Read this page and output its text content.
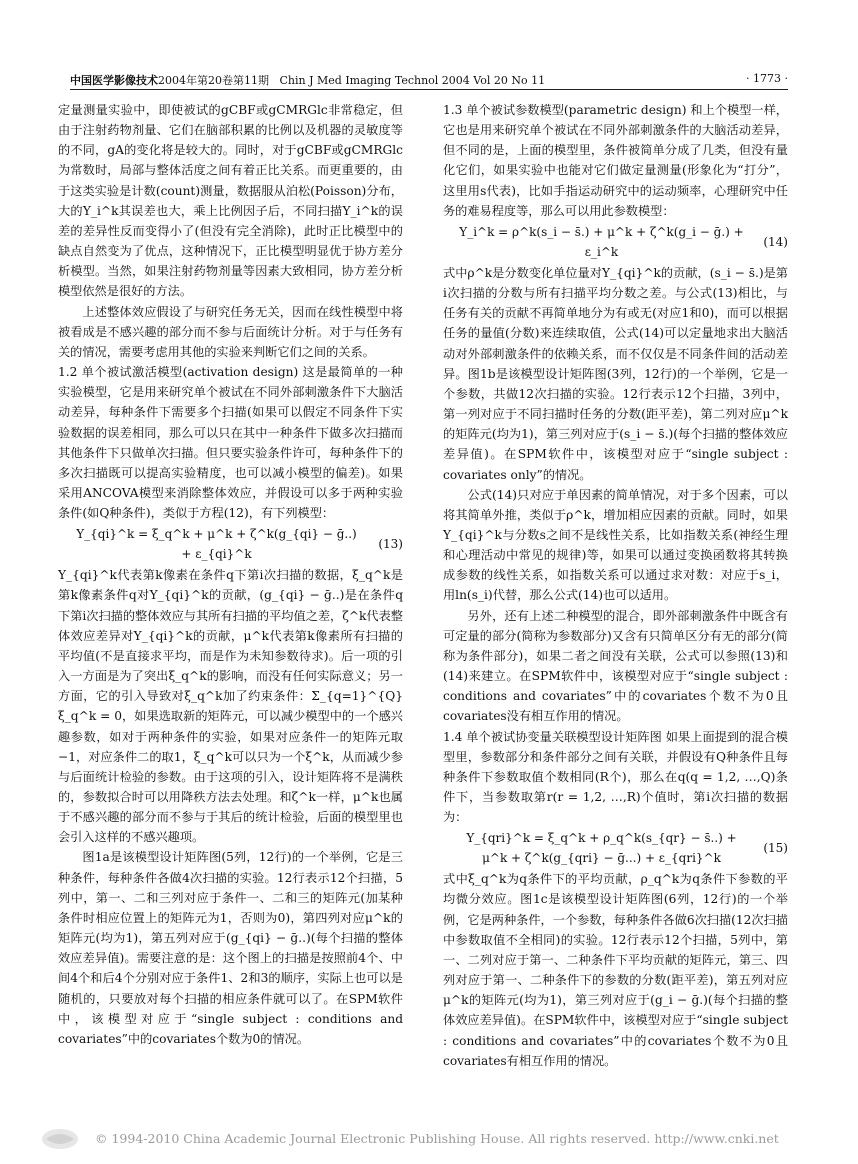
中国医学影像技术2004年第20卷第11期 Chin J Med Imaging Technol 2004 Vol 20 No 11	· 1773 ·

定量测量实验中，即使被试的gCBF或gCMRGlc非常稳定，但由于注射药物剂量、它们在脑部积累的比例以及机器的灵敏度等的不同，gA的变化将是较大的。同时，对于gCBF或gCMRGlc为常数时，局部与整体活度之间有着正比关系。而更重要的，由于这类实验是计数(count)测量，数据服从泊松(Poisson)分布，大的Y_i^k其误差也大，乘上比例因子后，不同扫描Y_i^k的误差的差异性反而变得小了(但没有完全消除)，此时正比模型中的缺点自然变为了优点，这种情况下，正比模型明显优于协方差分析模型。当然，如果注射药物剂量等因素大致相同，协方差分析模型依然是很好的方法。

上述整体效应假设了与研究任务无关，因而在线性模型中将被看成是不感兴趣的部分而不参与后面统计分析。对于与任务有关的情况，需要考虑用其他的实验来判断它们之间的关系。

1.2 单个被试激活模型(activation design) 这是最简单的一种实验模型，它是用来研究单个被试在不同外部刺激条件下大脑活动差异，每种条件下需要多个扫描(如果可以假定不同条件下实验数据的误差相同，那么可以只在其中一种条件下做多次扫描而其他条件下只做单次扫描。但只要实验条件许可，每种条件下的多次扫描既可以提高实验精度，也可以减小模型的偏差)。如果采用ANCOVA模型来消除整体效应，并假设可以多于两种实验条件(如Q种条件)，类似于方程(12)，有下列模型：

Y_{qi}^k = ξ_q^k + μ^k + ζ^k(g_{qi} − ḡ..) + ε_{qi}^k
(13)

Y_{qi}^k代表第k像素在条件q下第i次扫描的数据，ξ_q^k是第k像素条件q对Y_{qi}^k的贡献，(g_{qi} − ḡ..)是在条件q下第i次扫描的整体效应与其所有扫描的平均值之差，ζ^k代表整体效应差异对Y_{qi}^k的贡献，μ^k代表第k像素所有扫描的平均值(不是直接求平均，而是作为未知参数待求)。后一项的引入一方面是为了突出ξ_q^k的影响，而没有任何实际意义；另一方面，它的引入导致对ξ_q^k加了约束条件：Σ_{q=1}^{Q} ξ_q^k = 0，如果选取新的矩阵元，可以减少模型中的一个感兴趣参数，如对于两种条件的实验，如果对应条件一的矩阵元取−1，对应条件二的取1，ξ_q^k可以只为一个ξ^k，从而减少参与后面统计检验的参数。由于这项的引入，设计矩阵将不是满秩的，参数拟合时可以用降秩方法去处理。和ζ^k一样，μ^k也属于不感兴趣的部分而不参与于其后的统计检验，后面的模型里也会引入这样的不感兴趣项。

图1a是该模型设计矩阵图(5列，12行)的一个举例，它是三种条件，每种条件各做4次扫描的实验。12行表示12个扫描，5列中，第一、二和三列对应于条件一、二和三的矩阵元(加某种条件时相应位置上的矩阵元为1，否则为0)，第四列对应μ^k的矩阵元(均为1)，第五列对应于(g_{qi} − ḡ..)(每个扫描的整体效应差异值)。需要注意的是：这个图上的扫描是按照前4个、中间4个和后4个分别对应于条件1、2和3的顺序，实际上也可以是随机的，只要放对每个扫描的相应条件就可以了。在SPM软件中，该模型对应于“single subject : conditions and covariates”中的covariates个数为0的情况。

1.3 单个被试参数模型(parametric design) 和上个模型一样，它也是用来研究单个被试在不同外部刺激条件的大脑活动差异，但不同的是，上面的模型里，条件被简单分成了几类，但没有量化它们，如果实验中也能对它们做定量测量(形象化为“打分”，这里用s代表)，比如手指运动研究中的运动频率，心理研究中任务的难易程度等，那么可以用此参数模型：

Y_i^k = ρ^k(s_i − s̄.) + μ^k + ζ^k(g_i − ḡ.) + ε_i^k
(14)

式中ρ^k是分数变化单位量对Y_{qi}^k的贡献，(s_i − s̄.)是第i次扫描的分数与所有扫描平均分数之差。与公式(13)相比，与任务有关的贡献不再简单地分为有或无(对应1和0)，而可以根据任务的量值(分数)来连续取值，公式(14)可以定量地求出大脑活动对外部刺激条件的依赖关系，而不仅仅是不同条件间的活动差异。图1b是该模型设计矩阵图(3列，12行)的一个举例，它是一个参数，共做12次扫描的实验。12行表示12个扫描，3列中，第一列对应于不同扫描时任务的分数(距平差)，第二列对应μ^k的矩阵元(均为1)，第三列对应于(s_i − s̄.)(每个扫描的整体效应差异值)。在SPM软件中，该模型对应于“single subject : covariates only”的情况。

公式(14)只对应于单因素的简单情况，对于多个因素，可以将其简单外推，类似于ρ^k，增加相应因素的贡献。同时，如果Y_{qi}^k与分数s之间不是线性关系，比如指数关系(神经生理和心理活动中常见的规律)等，如果可以通过变换函数将其转换成参数的线性关系，如指数关系可以通过求对数：对应于s_i，用ln(s_i)代替，那么公式(14)也可以适用。

另外，还有上述二种模型的混合，即外部刺激条件中既含有可定量的部分(简称为参数部分)又含有只简单区分有无的部分(简称为条件部分)，如果二者之间没有关联，公式可以参照(13)和(14)来建立。在SPM软件中，该模型对应于“single subject : conditions and covariates”中的covariates个数不为0且covariates没有相互作用的情况。

1.4 单个被试协变量关联模型设计矩阵图 如果上面提到的混合模型里，参数部分和条件部分之间有关联，并假设有Q种条件且每种条件下参数取值个数相同(R个)，那么在q(q = 1,2, …,Q)条件下，当参数取第r(r = 1,2, …,R)个值时，第i次扫描的数据为：

Y_{qri}^k = ξ_q^k + ρ_q^k(s_{qr} − s̄..) + μ^k + ζ^k(g_{qri} − ḡ...) + ε_{qri}^k
(15)

式中ξ_q^k为q条件下的平均贡献，ρ_q^k为q条件下参数的平均微分效应。图1c是该模型设计矩阵图(6列，12行)的一个举例，它是两种条件，一个参数，每种条件各做6次扫描(12次扫描中参数取值不全相同)的实验。12行表示12个扫描，5列中，第一、二列对应于第一、二种条件下平均贡献的矩阵元，第三、四列对应于第一、二种条件下的参数的分数(距平差)，第五列对应μ^k的矩阵元(均为1)，第三列对应于(g_i − ḡ.)(每个扫描的整体效应差异值)。在SPM软件中，该模型对应于“single subject : conditions and covariates”中的covariates个数不为0且covariates有相互作用的情况。

© 1994-2010 China Academic Journal Electronic Publishing House. All rights reserved. http://www.cnki.net
